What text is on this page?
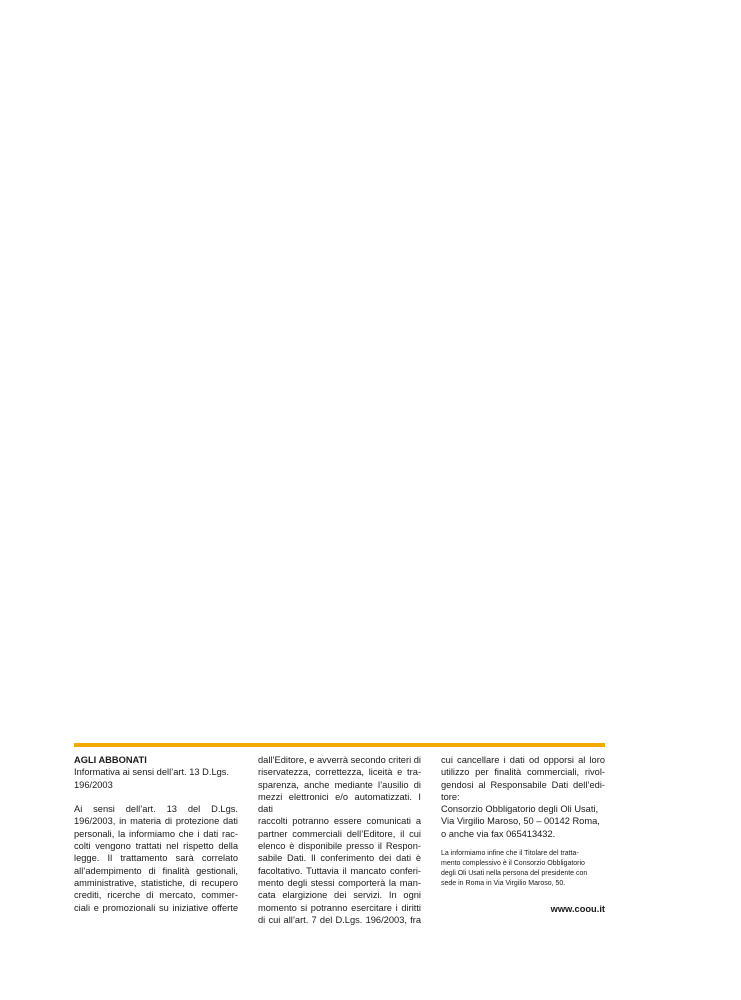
AGLI ABBONATI
Informativa ai sensi dell’art. 13 D.Lgs. 196/2003
Ai sensi dell’art. 13 del D.Lgs.
196/2003, in materia di protezione dati
personali, la informiamo che i dati rac-
colti vengono trattati nel rispetto della
legge. Il trattamento sarà correlato
all’adempimento di finalità gestionali,
amministrative, statistiche, di recupero
crediti, ricerche di mercato, commer-
ciali e promozionali su iniziative offerte
dall’Editore, e avverrà secondo criteri di
riservatezza, correttezza, liceità e tra-
sparenza, anche mediante l’ausilio di
mezzi elettronici e/o automatizzati. I dati
raccolti potranno essere comunicati a
partner commerciali dell’Editore, il cui
elenco è disponibile presso il Respon-
sabile Dati. Il conferimento dei dati è
facoltativo. Tuttavia il mancato conferi-
mento degli stessi comporterà la man-
cata elargizione dei servizi. In ogni
momento si potranno esercitare i diritti
di cui all’art. 7 del D.Lgs. 196/2003, fra
cui cancellare i dati od opporsi al loro
utilizzo per finalità commerciali, rivol-
gendosi al Responsabile Dati dell’edi-
tore:
Consorzio Obbligatorio degli Oli Usati,
Via Virgilio Maroso, 50 – 00142 Roma,
o anche via fax 065413432.
La informiamo infine che il Titolare del tratta-
mento complessivo è il Consorzio Obbligatorio
degli Oli Usati nella persona del presidente con
sede in Roma in Via Virgilio Maroso, 50.
www.coou.it
